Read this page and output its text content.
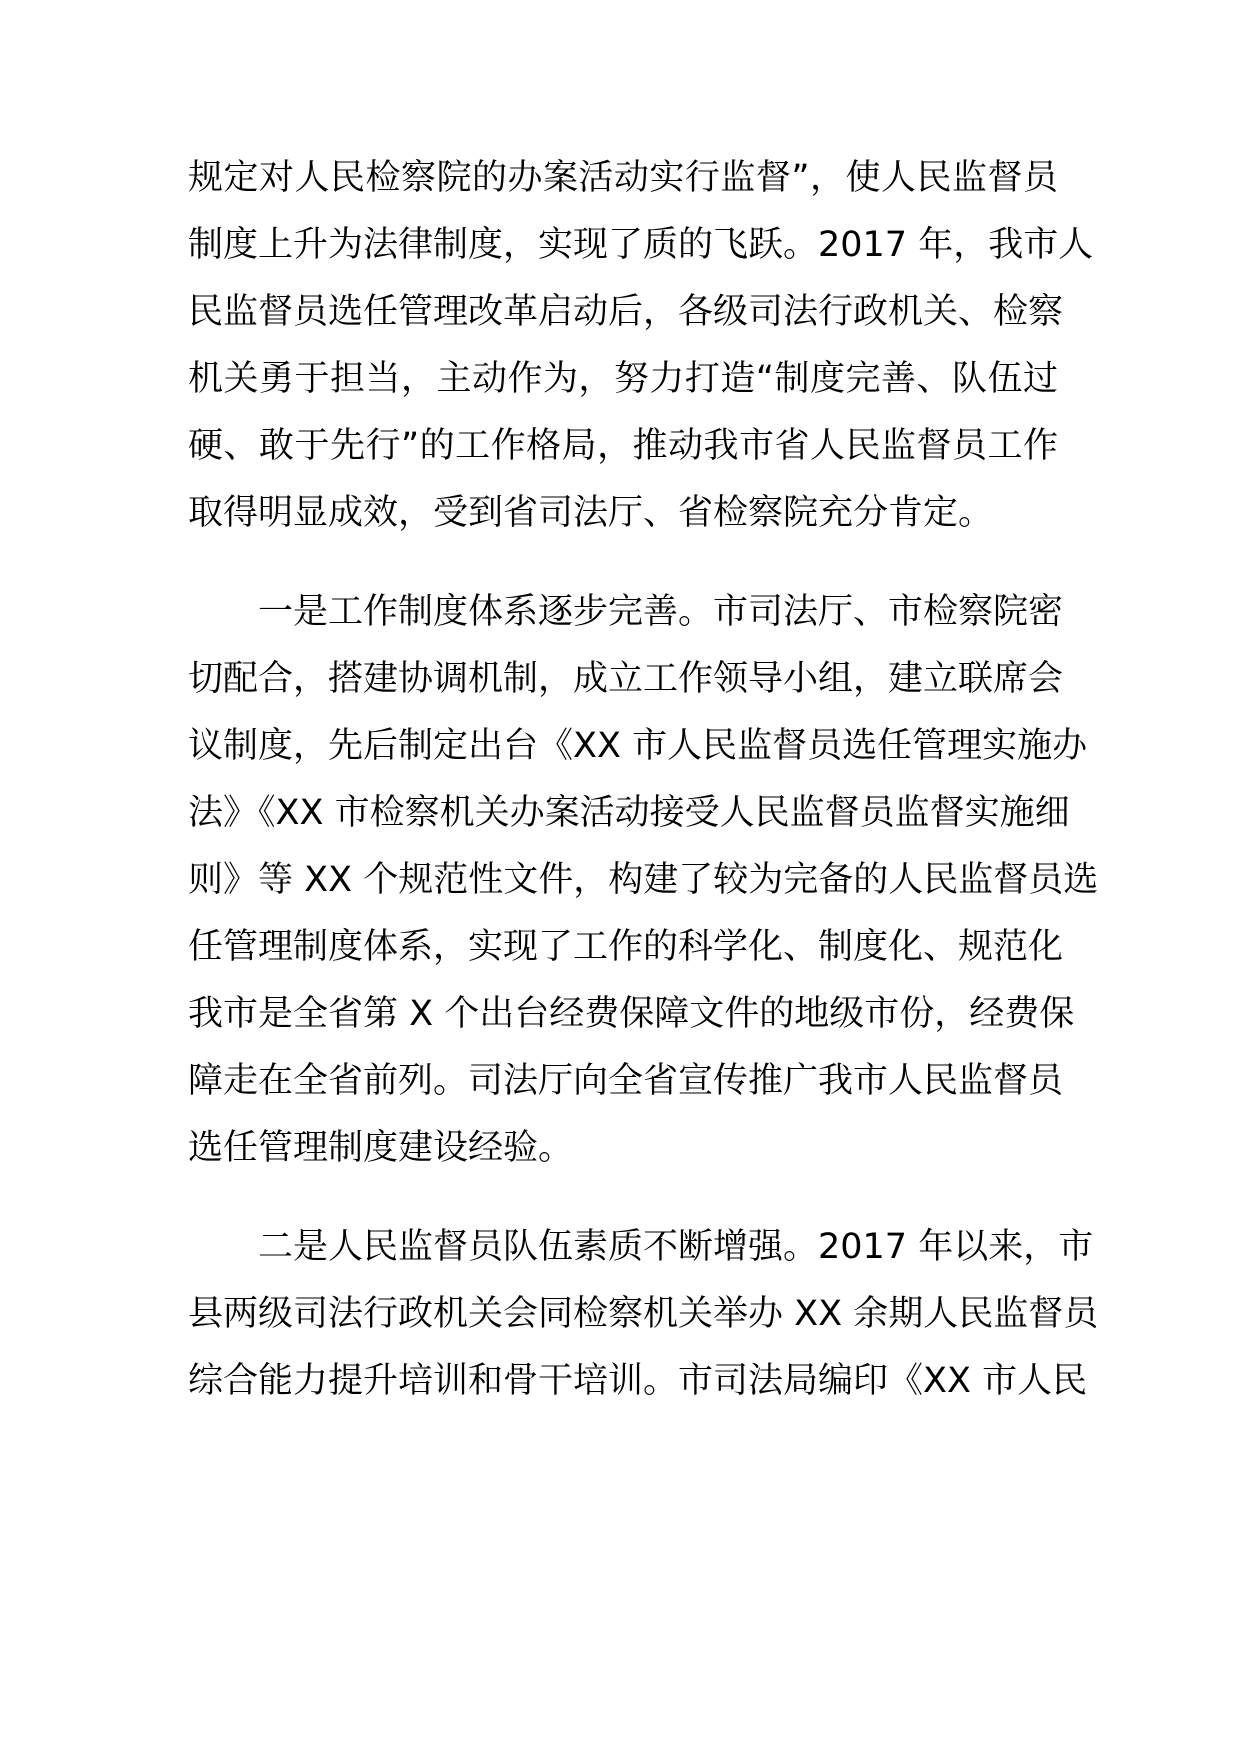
规定对人民检察院的办案活动实行监督”，使人民监督员
制度上升为法律制度，实现了质的飞跃。2017 年，我市人
民监督员选任管理改革启动后，各级司法行政机关、检察
机关勇于担当，主动作为，努力打造“制度完善、队伍过
硬、敢于先行”的工作格局，推动我市省人民监督员工作
取得明显成效，受到省司法厅、省检察院充分肯定。
一是工作制度体系逐步完善。市司法厅、市检察院密
切配合，搭建协调机制，成立工作领导小组，建立联席会
议制度，先后制定出台《XX 市人民监督员选任管理实施办
法》《XX 市检察机关办案活动接受人民监督员监督实施细
则》等 XX 个规范性文件，构建了较为完备的人民监督员选
任管理制度体系，实现了工作的科学化、制度化、规范化
我市是全省第 X 个出台经费保障文件的地级市份，经费保
障走在全省前列。司法厅向全省宣传推广我市人民监督员
选任管理制度建设经验。
二是人民监督员队伍素质不断增强。2017 年以来，市
县两级司法行政机关会同检察机关举办 XX 余期人民监督员
综合能力提升培训和骨干培训。市司法局编印《XX 市人民
